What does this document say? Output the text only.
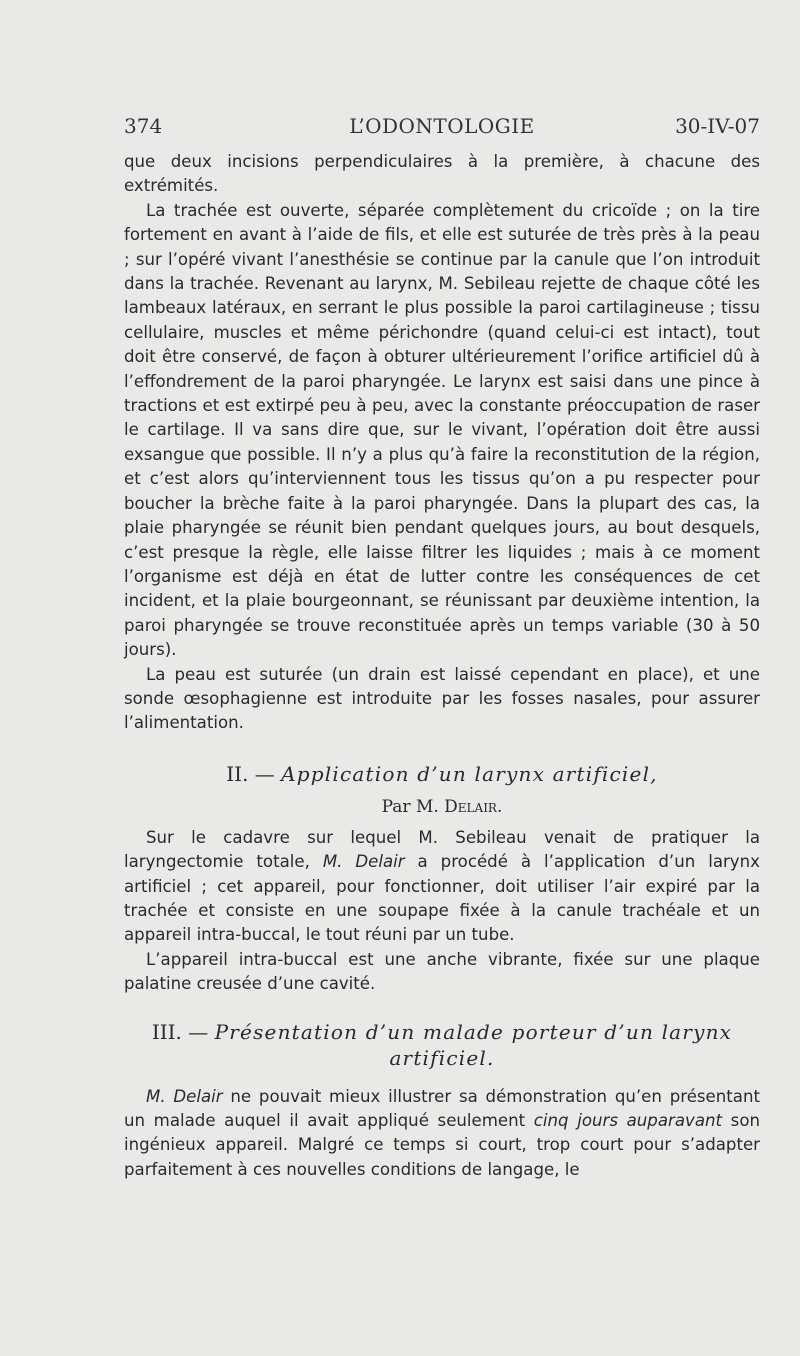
374	L’ODONTOLOGIE	30-IV-07

que deux incisions perpendiculaires à la première, à chacune des extrémités.

La trachée est ouverte, séparée complètement du cricoïde ; on la tire fortement en avant à l’aide de fils, et elle est suturée de très près à la peau ; sur l’opéré vivant l’anesthésie se continue par la canule que l’on introduit dans la trachée. Revenant au larynx, M. Sebileau rejette de chaque côté les lambeaux latéraux, en serrant le plus possible la paroi cartilagineuse ; tissu cellulaire, muscles et même périchondre (quand celui-ci est intact), tout doit être conservé, de façon à obturer ultérieurement l’orifice artificiel dû à l’effondrement de la paroi pharyngée. Le larynx est saisi dans une pince à tractions et est extirpé peu à peu, avec la constante préoccupation de raser le cartilage. Il va sans dire que, sur le vivant, l’opération doit être aussi exsangue que possible. Il n’y a plus qu’à faire la reconstitution de la région, et c’est alors qu’interviennent tous les tissus qu’on a pu respecter pour boucher la brèche faite à la paroi pharyngée. Dans la plupart des cas, la plaie pharyngée se réunit bien pendant quelques jours, au bout desquels, c’est presque la règle, elle laisse filtrer les liquides ; mais à ce moment l’organisme est déjà en état de lutter contre les conséquences de cet incident, et la plaie bourgeonnant, se réunissant par deuxième intention, la paroi pharyngée se trouve reconstituée après un temps variable (30 à 50 jours).

La peau est suturée (un drain est laissé cependant en place), et une sonde œsophagienne est introduite par les fosses nasales, pour assurer l’alimentation.

II. — Application d’un larynx artificiel,
Par M. Delair.

Sur le cadavre sur lequel M. Sebileau venait de pratiquer la laryngectomie totale, M. Delair a procédé à l’application d’un larynx artificiel ; cet appareil, pour fonctionner, doit utiliser l’air expiré par la trachée et consiste en une soupape fixée à la canule trachéale et un appareil intra-buccal, le tout réuni par un tube.

L’appareil intra-buccal est une anche vibrante, fixée sur une plaque palatine creusée d’une cavité.

III. — Présentation d’un malade porteur d’un larynx artificiel.

M. Delair ne pouvait mieux illustrer sa démonstration qu’en présentant un malade auquel il avait appliqué seulement cinq jours auparavant son ingénieux appareil. Malgré ce temps si court, trop court pour s’adapter parfaitement à ces nouvelles conditions de langage, le
